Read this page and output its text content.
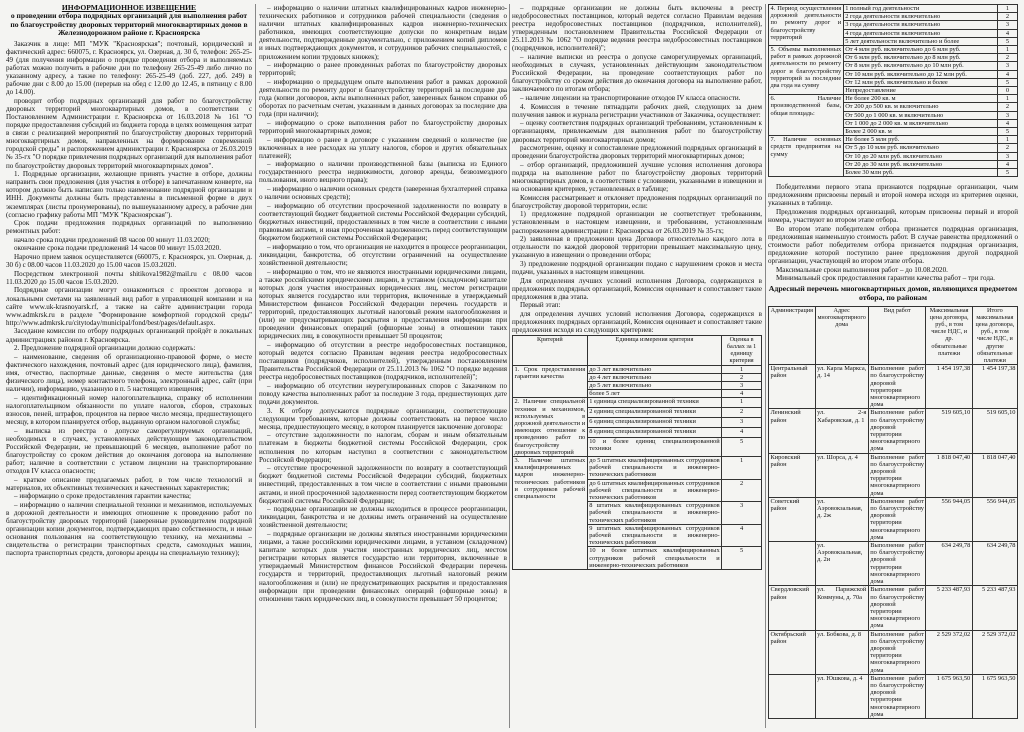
ИНФОРМАЦИОННОЕ ИЗВЕЩЕНИЕ
о проведении отбора подрядных организаций для выполнения работ по благоустройству дворовых территорий многоквартирных домов в Железнодорожном районе г. Красноярска

Заказчик в лице: МП "МУК "Красноярская"; почтовый, юридический и фактический адрес: 660075, г. Красноярск, ул. Озерная, д. 30 б, телефон: 265-25-49 (для получения информации о порядке проведения отбора и выполняемых работах можно получить в рабочие дни по телефону 265-25-49 либо лично по указанному адресу, а также по телефону: 265-25-49 (доб. 227, доб. 249) в рабочие дни с 8.00 до 15.00 (перерыв на обед с 12.00 до 12.45, в пятницу с 8.00 до 14.00).

проводит отбор подрядных организаций для работ по благоустройству дворовых территорий многоквартирных домов, в соответствии с Постановлением Администрации г. Красноярска от 16.03.2018 № 161 "О порядке предоставления субсидий из бюджета города в целях возмещения затрат в связи с реализацией мероприятий по благоустройству дворовых территорий многоквартирных домов, направленных на формирование современной городской среды" и распоряжением администрации г. Красноярска от 26.03.2019 № 35-гх "О порядке привлечения подрядных организаций для выполнения работ по благоустройству дворовых территорий многоквартирных домов".

1. Подрядные организации, желающие принять участие в отборе, должны направить свои предложения (для участия в отборе) в запечатанном конверте, на котором должно быть написано только наименование подрядной организации и ИНН. Документы должны быть представлены в письменной форме в двух экземплярах (листы пронумерованы), по вышеуказанному адресу, в рабочие дни (согласно графику работы МП "МУК "Красноярская").

Срок подачи предложения подрядных организаций по выполнению ремонтных работ:

начало срока подачи предложений 08 часов 00 минут 11.03.2020;

окончание срока подачи предложений 14 часов 00 минут 15.03.2020.

Нарочно прием заявок осуществляется (660075, г. Красноярск, ул. Озерная, д. 30 б) с 08.00 часов 11.03.2020 до 15.00 часов 15.03.2020.

Посредством электронной почты shitikova1982@mail.ru с 08.00 часов 11.03.2020 до 15.00 часов 15.03.2020.

Подрядные организации могут ознакомиться с проектом договора и локальными сметами на заявленный вид работ в управляющей компании и на сайте www.uk-krasnoyarsk.rf, а также на сайте администрации города www.admkrsk.ru в разделе "Формирование комфортной городской среды" http://www.admkrsk.ru/citytoday/municipal/fond/best/pages/default.aspx.

Заседание комиссии по отбору подрядных организаций пройдёт в локальных администрациях районов г. Красноярска.

2. Предложение подрядной организации должно содержать:

– наименование, сведения об организационно-правовой форме, о месте фактического нахождения, почтовый адрес (для юридического лица), фамилия, имя, отчество, паспортные данные, сведения о месте жительства (для физического лица), номер контактного телефона, электронный адрес, сайт (при наличии), информацию, указанную в п. 5 настоящего извещения;

– идентификационный номер налогоплательщика, справку об исполнении налогоплательщиком обязанности по уплате налогов, сборов, страховых взносов, пеней, штрафов, процентов на первое число месяца, предшествующего месяцу, в котором планируется отбор, выданную органом налоговой службы;

– выписка из реестра о допуске саморегулируемых организаций, необходимых в случаях, установленных действующим законодательством Российской Федерации, не превышающий 6 месяцев, выполнение работ по благоустройству со сроком действия до окончания договора на выполнение работ; наличие в соответствии с уставом лицензии на транспортирование отходов IV класса опасности;

– краткое описание предлагаемых работ, в том числе технологий и материалов, их объективных технических и качественных характеристик;

– информацию о сроке предоставления гарантии качества;

– информацию о наличии специальной техники и механизмов, используемых в дорожной деятельности и имеющих отношение к проведению работ по благоустройству дворовых территорий (заверенные руководителем подрядной организации копии документов, подтверждающих право собственности, и иные основания пользования на соответствующую технику, на механизмы – свидетельства о регистрации транспортных средств, самоходных машин, паспорта транспортных средств, договоры аренды на специальную технику);

– информацию о наличии штатных квалифицированных кадров инженерно-технических работников и сотрудников рабочей специальности (сведения о наличии штатных квалифицированных кадров инженерно-технических работников, имеющих соответствующие допуски по конкретным видам деятельности, подтвержденные документально, с приложением копий дипломов и иных подтверждающих документов, и сотрудников рабочих специальностей, с приложением копии трудовых книжек);

– информацию о ранее проведенных работах по благоустройству дворовых территорий;

– информацию о предыдущем опыте выполнения работ в рамках дорожной деятельности по ремонту дорог и благоустройству территорий за последние два года (копии договоров, акты выполненных работ, заверенных банком справки об оборотах по расчетным счетам, указанным в данных договорах за последние два года (при наличии);

– информацию о сроке выполнения работ по благоустройству дворовых территорий многоквартирных домов;

– информацию о ранее в договоре с указанием сведений о количестве (не включенных в нее расходах на уплату налогов, сборов и других обязательных платежей);

– информацию о наличии производственной базы (выписка из Единого государственного реестра недвижимости, договор аренды, безвозмездного пользования, иного вещного права);

– информацию о наличии основных средств (заверенная бухгалтерией справка о наличии основных средств);

– информацию об отсутствии просроченной задолженности по возврату в соответствующий бюджет бюджетной системы Российской Федерации субсидий, бюджетных инвестиций, предоставленных в том числе в соответствии с иными правовыми актами, и иная просроченная задолженность перед соответствующим бюджетом бюджетной системы Российской Федерации;

– информацию о том, что организация не находится в процессе реорганизации, ликвидации, банкротства, об отсутствии ограничений на осуществление хозяйственной деятельности;

– информацию о том, что не являются иностранными юридическими лицами, а также российскими юридическими лицами, в уставном (складочном) капитале которых доля участия иностранных юридических лиц, местом регистрации которых является государство или территория, включенные в утверждаемый Министерством финансов Российской Федерации перечень государств и территорий, предоставляющих льготный налоговый режим налогообложения и (или) не предусматривающих раскрытия и предоставления информации при проведении финансовых операций (офшорные зоны) в отношении таких юридических лиц, в совокупности превышает 50 процентов;

– информацию об отсутствии в реестре недобросовестных поставщиков, который ведется согласно Правилам ведения реестра недобросовестных поставщиков (подрядчиков, исполнителей), утвержденным постановлением Правительства Российской Федерации от 25.11.2013 № 1062 "О порядке ведения реестра недобросовестных поставщиков (подрядчиков, исполнителей)";

– информацию об отсутствии неурегулированных споров с Заказчиком по поводу качества выполненных работ за последние 3 года, предшествующих дате подачи документов.

3. К отбору допускаются подрядные организации, соответствующие следующим требованиям, которые должны соответствовать на первое число месяца, предшествующего месяцу, в котором планируется заключение договора:

– отсутствие задолженности по налогам, сборам и иным обязательным платежам в бюджеты бюджетной системы Российской Федерации, срок исполнения по которым наступил в соответствии с законодательством Российской Федерации;

– отсутствие просроченной задолженности по возврату в соответствующий бюджет бюджетной системы Российской Федерации субсидий, бюджетных инвестиций, предоставленных в том числе в соответствии с иными правовыми актами, и иной просроченной задолженности перед соответствующим бюджетом бюджетной системы Российской Федерации;

– подрядные организации не должны находиться в процессе реорганизации, ликвидации, банкротства и не должны иметь ограничений на осуществление хозяйственной деятельности;

– подрядные организации не должны являться иностранными юридическими лицами, а также российскими юридическими лицами, в уставном (складочном) капитале которых доля участия иностранных юридических лиц, местом регистрации которых является государство или территория, включенные в утверждаемый Министерством финансов Российской Федерации перечень государств и территорий, предоставляющих льготный налоговый режим налогообложения и (или) не предусматривающих раскрытия и предоставления информации при проведении финансовых операций (офшорные зоны) в отношении таких юридических лиц, в совокупности превышает 50 процентов;

– подрядные организации не должны быть включены в реестр недобросовестных поставщиков, который ведется согласно Правилам ведения реестра недобросовестных поставщиков (подрядчиков, исполнителей), утвержденным постановлением Правительства Российской Федерации от 25.11.2013 № 1062 "О порядке ведения реестра недобросовестных поставщиков (подрядчиков, исполнителей)";

– наличие выписки из реестра о допуске саморегулируемых организаций, необходимых в случаях, установленных действующим законодательством Российской Федерации, на проведение соответствующих работ по благоустройству со сроком действия до окончания договора на выполнение работ, заключаемого по итогам отбора;

– наличие лицензии на транспортирование отходов IV класса опасности.

4. Комиссия в течение пятнадцати рабочих дней, следующих за днем получения заявок и журнала регистрации участников от Заказчика, осуществляет:

– оценку соответствия подрядных организаций требованиям, установленным к организациям, привлекаемым для выполнения работ по благоустройству дворовых территорий многоквартирных домов;

рассмотрение, оценку и сопоставление предложений подрядных организаций в проведении благоустройства дворовых территорий многоквартирных домов;

– отбор организаций, предложившей лучшие условия исполнения договора подряда на выполнение работ по благоустройству дворовых территорий многоквартирных домов, в соответствии с условиями, указанными в извещении и на основании критериев, установленных в таблице;

Комиссия рассматривает и отклоняет предложения подрядных организаций по благоустройству дворовой территории, если:

1) предложение подрядной организации не соответствует требованиям, установленным в настоящем извещении, и требованиям, установленным распоряжением администрации г. Красноярска от 26.03.2019 № 35-гх;

2) заявленная в предложении цена Договора относительно каждого лота в отдельности по каждой дворовой территории превышает максимальную цену, указанную в извещении о проведении отбора;

3) предложение подрядной организации подано с нарушением сроков и места подачи, указанных в настоящем извещении.

Для определения лучших условий исполнения Договора, содержащихся в предложениях подрядных организаций, Комиссия оценивает и сопоставляет такие предложения в два этапа.

Первый этап:

для определения лучших условий исполнения Договора, содержащихся в предложениях подрядных организаций, Комиссия оценивает и сопоставляет такие предложения исходя из следующих критериев:

Критерий	Единица измерения критерия	Оценка в баллах за 1 единицу критерия
1. Срок предоставления гарантии качества	до 3 лет включительно	1
	до 4 лет включительно	2
	до 5 лет включительно	3
	более 5 лет	4
2. Наличие специальной техники и механизмов, используемых в дорожной деятельности и имеющих отношение к проведению работ по благоустройству дворовых территорий	1 единица специализированной техники	1
	2 единиц специализированной техники	2
	6 единиц специализированной техники	3
	8 единиц специализированной техники	4
	10 и более единиц специализированной техники	5
3. Наличие штатных квалифицированных кадров инженерно-технических работников и сотрудников рабочей специальности	до 5 штатных квалифицированных сотрудников рабочей специальности и инженерно-технических работников	1
	до 6 штатных квалифицированных сотрудников рабочей специальности и инженерно-технических работников	2
	8 штатных квалифицированных сотрудников рабочей специальности и инженерно-технических работников	3
	9 штатных квалифицированных сотрудников рабочей специальности и инженерно-технических работников	4
	10 и более штатных квалифицированных сотрудников рабочей специальности и инженерно-технических работников	5
4. Период осуществления дорожной деятельности по ремонту дорог и благоустройству территорий	1 полный год деятельности	1
	2 года деятельности включительно	2
	3 года деятельности включительно	3
	4 года деятельности включительно	4
	5 лет деятельности включительно и более	5
5. Объемы выполненных работ в рамках дорожной деятельности по ремонту дорог и благоустройству территорий за последние два года на сумму	От 4 млн руб. включительно до 6 млн руб.	1
	От 6 млн руб. включительно до 8 млн руб.	2
	От 8 млн руб. включительно до 10 млн руб.	3
	От 10 млн руб. включительно до 12 млн руб.	4
	От 12 млн руб. включительно и более	5
	Непредоставление	0
6. Наличие производственной базы, общая площадь:	Не более 200 кв. м	1
	От 200 до 500 кв. м включительно	2
	От 500 до 1 000 кв. м включительно	3
	От 1 000 до 2 000 кв. м включительно	4
	Более 2 000 кв. м	5
7. Наличие основных средств предприятия на сумму	Не более 5 млн руб.	1
	От 5 до 10 млн руб. включительно	2
	От 10 до 20 млн руб. включительно	3
	От 20 до 30 млн руб. включительно	4
	Более 30 млн руб.	5

Победителями первого этапа признаются подрядные организации, чьим предложениям присвоены первый и второй номера исходя из критериев оценки, указанных в таблице.

Предложения подрядных организаций, которым присвоены первый и второй номера, участвуют во втором этапе отбора.

Во втором этапе победителем отбора признается подрядная организация, предложившая наименьшую стоимость работ. В случае равенства предложений о стоимости работ победителем отбора признается подрядная организация, предложение которой поступило ранее предложения другой подрядной организации, участвующей во втором этапе отбора.

Максимальные сроки выполнения работ – до 10.08.2020.

Минимальный срок предоставления гарантии качества работ – три года.

Адресный перечень многоквартирных домов, являющихся предметом отбора, по районам

Администрация	Адрес многоквартирного дома	Вид работ	Максимальная цена договора, руб., в том числе НДС, и др. обязательные платежи	Итого максимальная цена договора, руб., в том числе НДС, и другие обязательные платежи
Центральный район	ул. Карла Маркса, д. 14	Выполнение работ по благоустройству дворовой территории многоквартирного дома	1 454 197,38	1 454 197,38
Ленинский район	ул. 2-я Хабаровская, д. 1	Выполнение работ по благоустройству дворовой территории многоквартирного дома	519 605,10	519 605,10
Кировский район	ул. Шорса, д. 4	Выполнение работ по благоустройству дворовой территории многоквартирного дома	1 818 047,40	1 818 047,40
Советский район	ул. Аэровокзальная, д. 2ж	Выполнение работ по благоустройству дворовой территории многоквартирного дома	556 944,05	556 944,05
	ул. Аэровокзальная, д. 2и	Выполнение работ по благоустройству дворовой территории многоквартирного дома	634 249,78	634 249,78
Свердловский район	ул. Парижской Коммуны, д. 70а	Выполнение работ по благоустройству дворовой территории многоквартирного дома	5 233 487,93	5 233 487,93
Октябрьский район	ул. Бобкова, д. 8	Выполнение работ по благоустройству дворовой территории многоквартирного дома	2 529 372,02	2 529 372,02
	ул. Юшкова, д. 4	Выполнение работ по благоустройству дворовой территории многоквартирного дома	1 675 963,50	1 675 963,50
